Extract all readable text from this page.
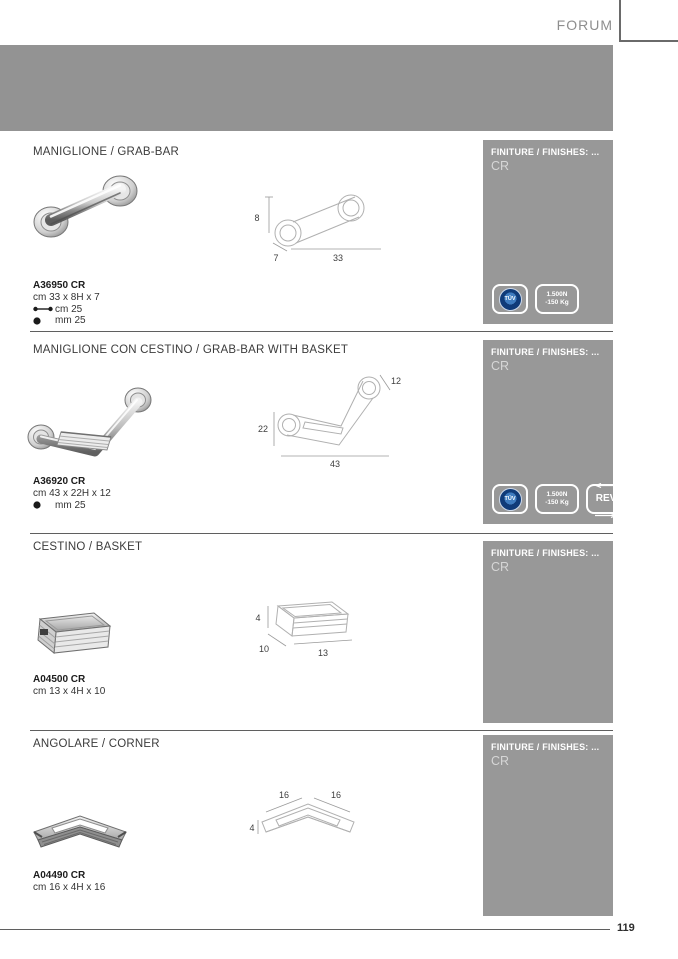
FORUM
MANIGLIONE / GRAB-BAR
8
7	33
A36950 CR
cm 33 x 8H x 7
cm 25
mm 25
FINITURE / FINISHES: ...
CR
TÜV
1.500N
-150 Kg
MANIGLIONE CON CESTINO / GRAB-BAR WITH BASKET
12
22
43
A36920 CR
cm 43 x 22H x 12
mm 25
FINITURE / FINISHES: ...
CR
TÜV
1.500N
-150 Kg	REV
CESTINO / BASKET
4
10	13
A04500 CR
cm 13 x 4H x 10
FINITURE / FINISHES: ...
CR
ANGOLARE / CORNER
16	16
4
A04490 CR
cm 16 x 4H x 16
FINITURE / FINISHES: ...
CR
119
